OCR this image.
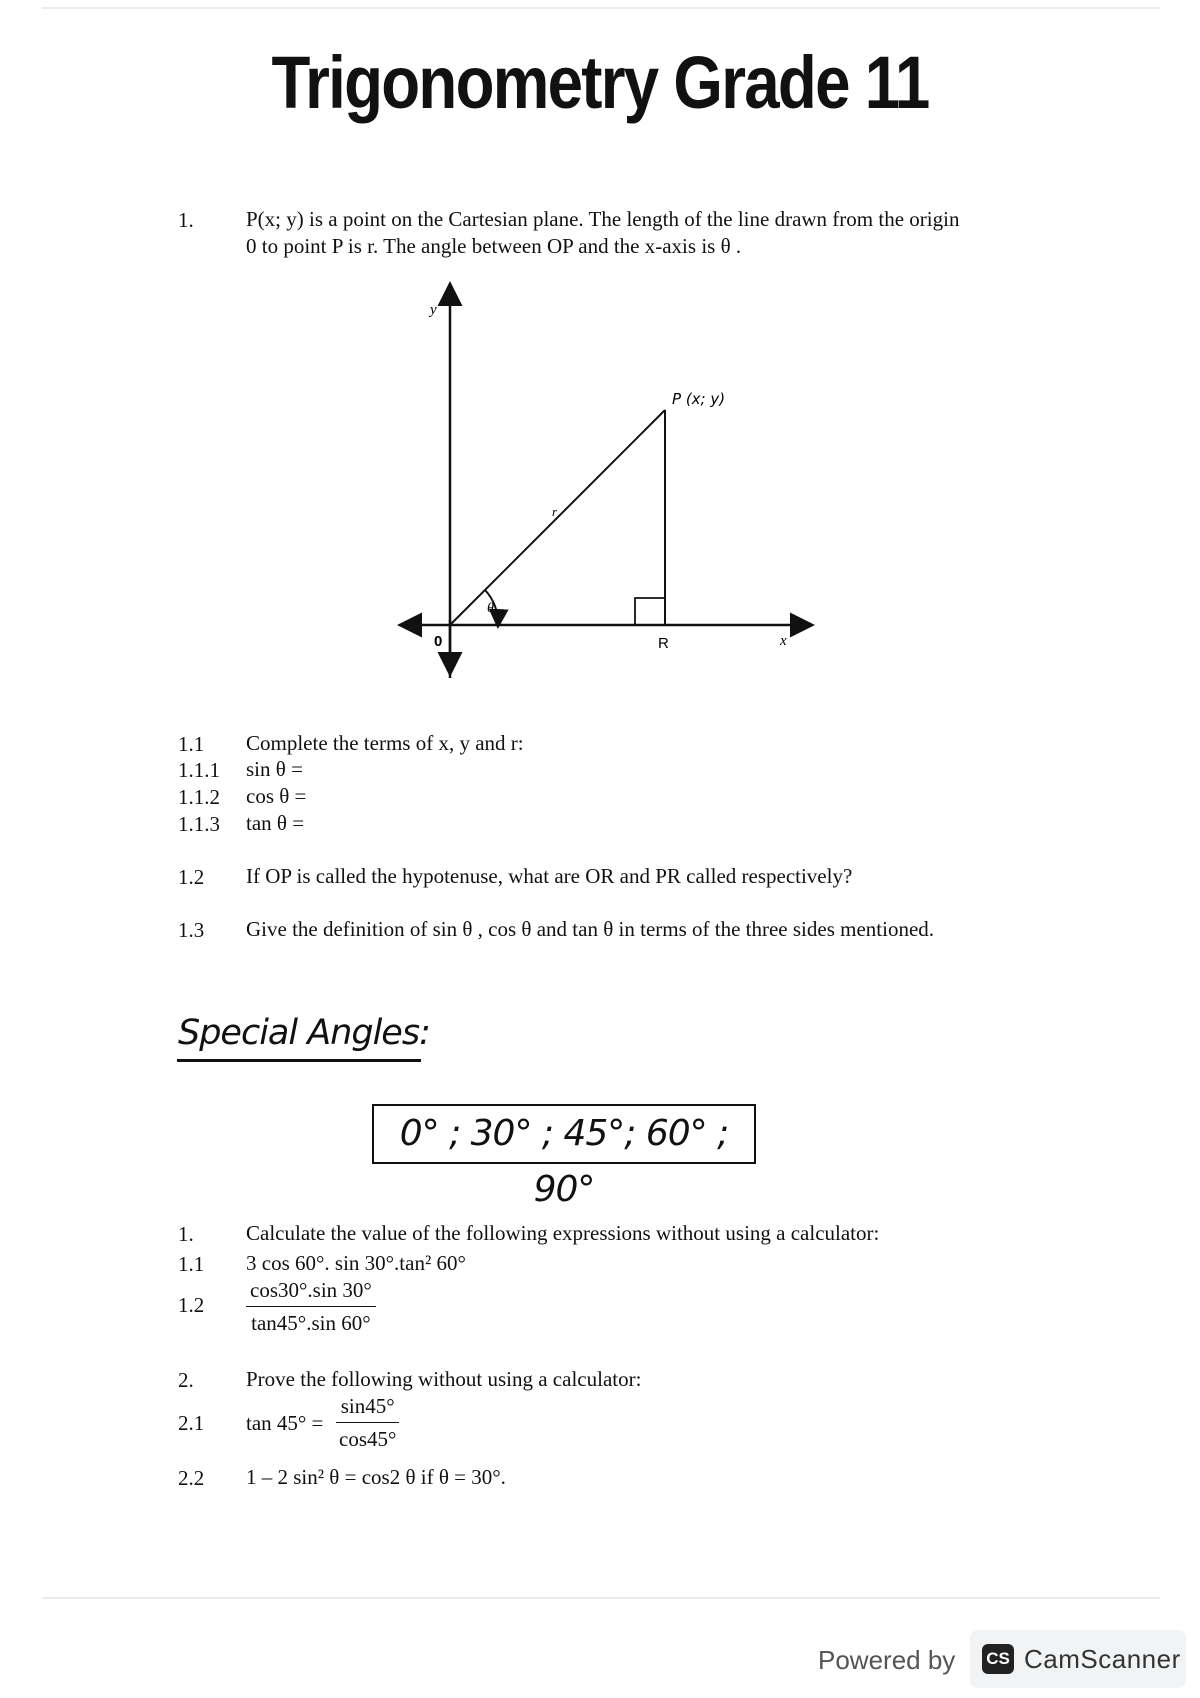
Trigonometry Grade 11
1. P(x; y) is a point on the Cartesian plane. The length of the line drawn from the origin
0 to point P is r. The angle between OP and the x-axis is θ .
y
x
0
P (x; y)
r
θ
R
1.1 Complete the terms of x, y and r:
1.1.1 sin θ =
1.1.2 cos θ =
1.1.3 tan θ =
1.2 If OP is called the hypotenuse, what are OR and PR called respectively?
1.3 Give the definition of sin θ , cos θ and tan θ in terms of the three sides mentioned.
Special Angles:
0° ; 30° ; 45°; 60° ; 90°
1. Calculate the value of the following expressions without using a calculator:
1.1 3 cos 60°. sin 30°.tan² 60°
$1.2 \frac{\cos 30^\circ.\sin 30^\circ}{\tan 45^\circ.\sin 60^\circ}$
2. Prove the following without using a calculator:
2.1 $\tan 45^\circ = \frac{\sin 45^\circ}{\cos 45^\circ}$
2.2 1 – 2 sin² θ = cos2 θ if θ = 30°.
Powered by CS CamScanner
